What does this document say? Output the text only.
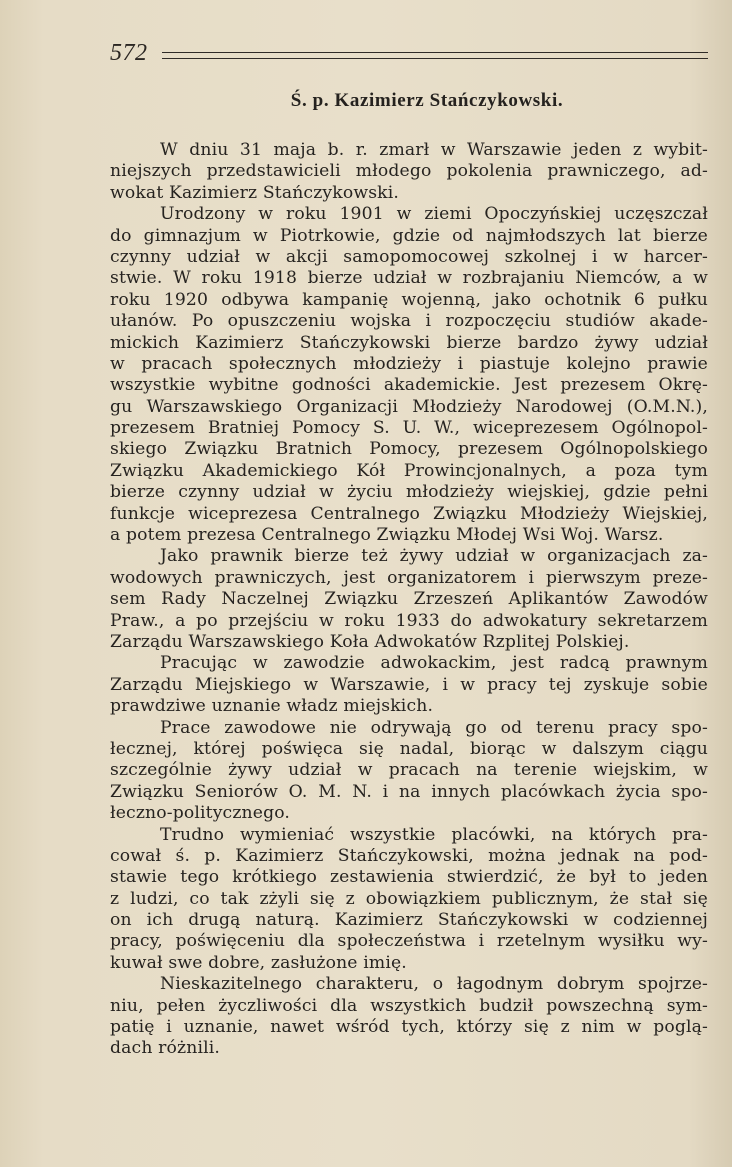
572
Ś. p. Kazimierz Stańczykowski.
W dniu 31 maja b. r. zmarł w Warszawie jeden z wybit-
niejszych przedstawicieli młodego pokolenia prawniczego, ad-
wokat Kazimierz Stańczykowski.
Urodzony w roku 1901 w ziemi Opoczyńskiej uczęszczał
do gimnazjum w Piotrkowie, gdzie od najmłodszych lat bierze
czynny udział w akcji samopomocowej szkolnej i w harcer-
stwie. W roku 1918 bierze udział w rozbrajaniu Niemców, a w
roku 1920 odbywa kampanię wojenną, jako ochotnik 6 pułku
ułanów. Po opuszczeniu wojska i rozpoczęciu studiów akade-
mickich Kazimierz Stańczykowski bierze bardzo żywy udział
w pracach społecznych młodzieży i piastuje kolejno prawie
wszystkie wybitne godności akademickie. Jest prezesem Okrę-
gu Warszawskiego Organizacji Młodzieży Narodowej (O.M.N.),
prezesem Bratniej Pomocy S. U. W., wiceprezesem Ogólnopol-
skiego Związku Bratnich Pomocy, prezesem Ogólnopolskiego
Związku Akademickiego Kół Prowincjonalnych, a poza tym
bierze czynny udział w życiu młodzieży wiejskiej, gdzie pełni
funkcje wiceprezesa Centralnego Związku Młodzieży Wiejskiej,
a potem prezesa Centralnego Związku Młodej Wsi Woj. Warsz.
Jako prawnik bierze też żywy udział w organizacjach za-
wodowych prawniczych, jest organizatorem i pierwszym preze-
sem Rady Naczelnej Związku Zrzeszeń Aplikantów Zawodów
Praw., a po przejściu w roku 1933 do adwokatury sekretarzem
Zarządu Warszawskiego Koła Adwokatów Rzplitej Polskiej.
Pracując w zawodzie adwokackim, jest radcą prawnym
Zarządu Miejskiego w Warszawie, i w pracy tej zyskuje sobie
prawdziwe uznanie władz miejskich.
Prace zawodowe nie odrywają go od terenu pracy spo-
łecznej, której poświęca się nadal, biorąc w dalszym ciągu
szczególnie żywy udział w pracach na terenie wiejskim, w
Związku Seniorów O. M. N. i na innych placówkach życia spo-
łeczno-politycznego.
Trudno wymieniać wszystkie placówki, na których pra-
cował ś. p. Kazimierz Stańczykowski, można jednak na pod-
stawie tego krótkiego zestawienia stwierdzić, że był to jeden
z ludzi, co tak zżyli się z obowiązkiem publicznym, że stał się
on ich drugą naturą. Kazimierz Stańczykowski w codziennej
pracy, poświęceniu dla społeczeństwa i rzetelnym wysiłku wy-
kuwał swe dobre, zasłużone imię.
Nieskazitelnego charakteru, o łagodnym dobrym spojrze-
niu, pełen życzliwości dla wszystkich budził powszechną sym-
patię i uznanie, nawet wśród tych, którzy się z nim w poglą-
dach różnili.
